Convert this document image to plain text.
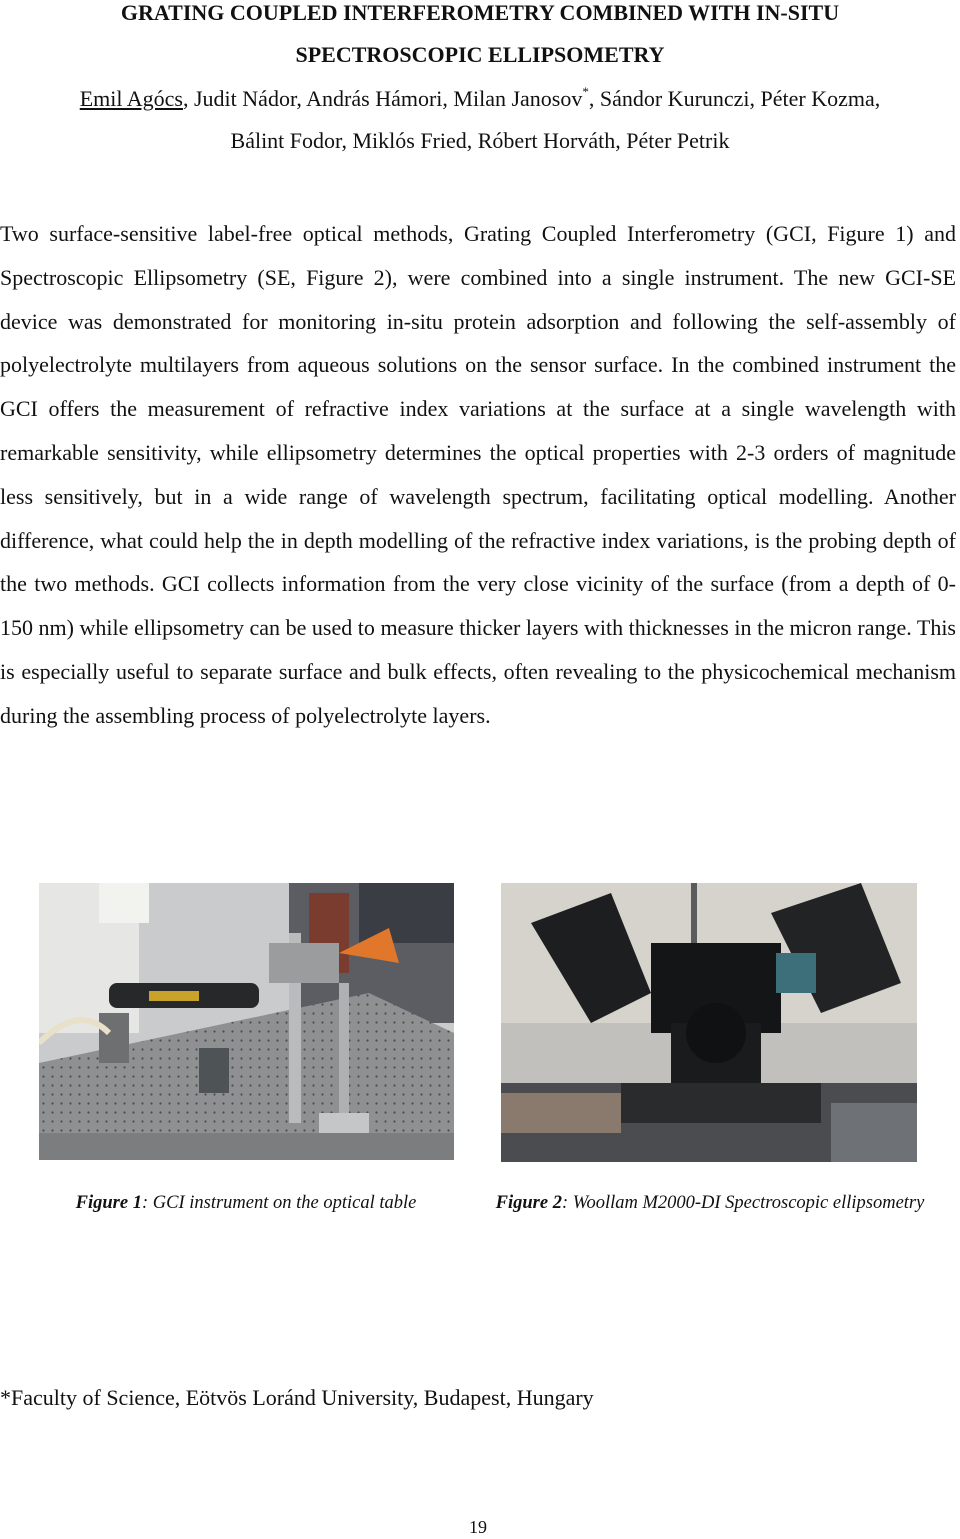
GRATING COUPLED INTERFEROMETRY COMBINED WITH IN-SITU
SPECTROSCOPIC ELLIPSOMETRY
Emil Agócs, Judit Nádor, András Hámori, Milan Janosov*, Sándor Kurunczi, Péter Kozma,
Bálint Fodor, Miklós Fried, Róbert Horváth, Péter Petrik

Two surface-sensitive label-free optical methods, Grating Coupled Interferometry (GCI, Figure 1) and Spectroscopic Ellipsometry (SE, Figure 2), were combined into a single instrument. The new GCI-SE device was demonstrated for monitoring in-situ protein adsorption and following the self-assembly of polyelectrolyte multilayers from aqueous solutions on the sensor surface. In the combined instrument the GCI offers the measurement of refractive index variations at the surface at a single wavelength with remarkable sensitivity, while ellipsometry determines the optical properties with 2-3 orders of magnitude less sensitively, but in a wide range of wavelength spectrum, facilitating optical modelling. Another difference, what could help the in depth modelling of the refractive index variations, is the probing depth of the two methods. GCI collects information from the very close vicinity of the surface (from a depth of 0-150 nm) while ellipsometry can be used to measure thicker layers with thicknesses in the micron range. This is especially useful to separate surface and bulk effects, often revealing to the physicochemical mechanism during the assembling process of polyelectrolyte layers.

Figure 1: GCI instrument on the optical table	Figure 2: Woollam M2000-DI Spectroscopic ellipsometry
*Faculty of Science, Eötvös Loránd University, Budapest, Hungary
19
